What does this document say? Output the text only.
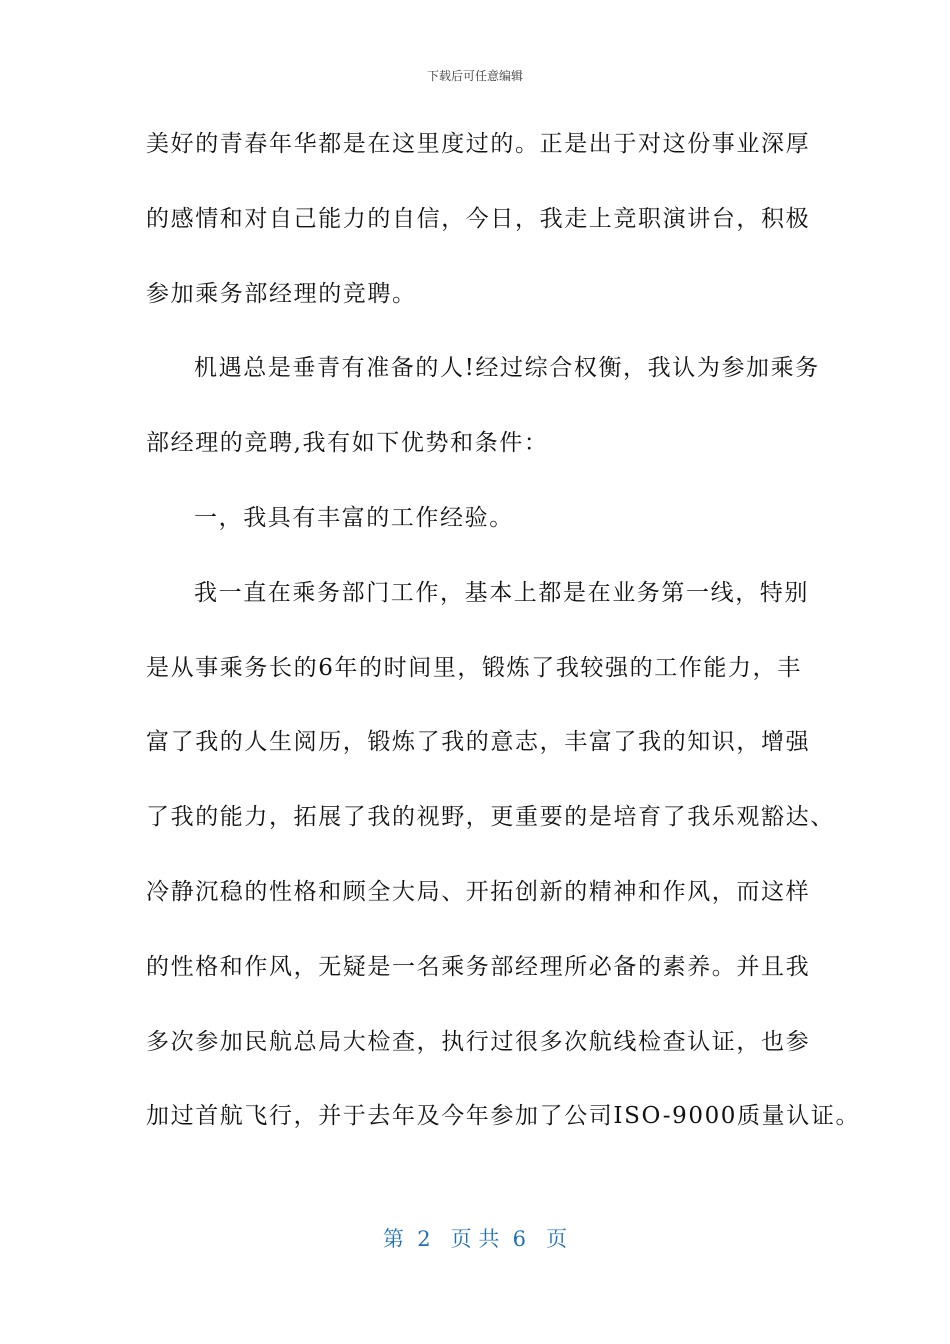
下载后可任意编辑
美好的青春年华都是在这里度过的。正是出于对这份事业深厚
的感情和对自己能力的自信，今日，我走上竞职演讲台，积极
参加乘务部经理的竞聘。
机遇总是垂青有准备的人!经过综合权衡，我认为参加乘务
部经理的竞聘,我有如下优势和条件：
一，我具有丰富的工作经验。
我一直在乘务部门工作，基本上都是在业务第一线，特别
是从事乘务长的6年的时间里，锻炼了我较强的工作能力，丰
富了我的人生阅历，锻炼了我的意志，丰富了我的知识，增强
了我的能力，拓展了我的视野，更重要的是培育了我乐观豁达、
冷静沉稳的性格和顾全大局、开拓创新的精神和作风，而这样
的性格和作风，无疑是一名乘务部经理所必备的素养。并且我
多次参加民航总局大检查，执行过很多次航线检查认证，也参
加过首航飞行，并于去年及今年参加了公司ISO-9000质量认证。
第  2   页 共  6   页
